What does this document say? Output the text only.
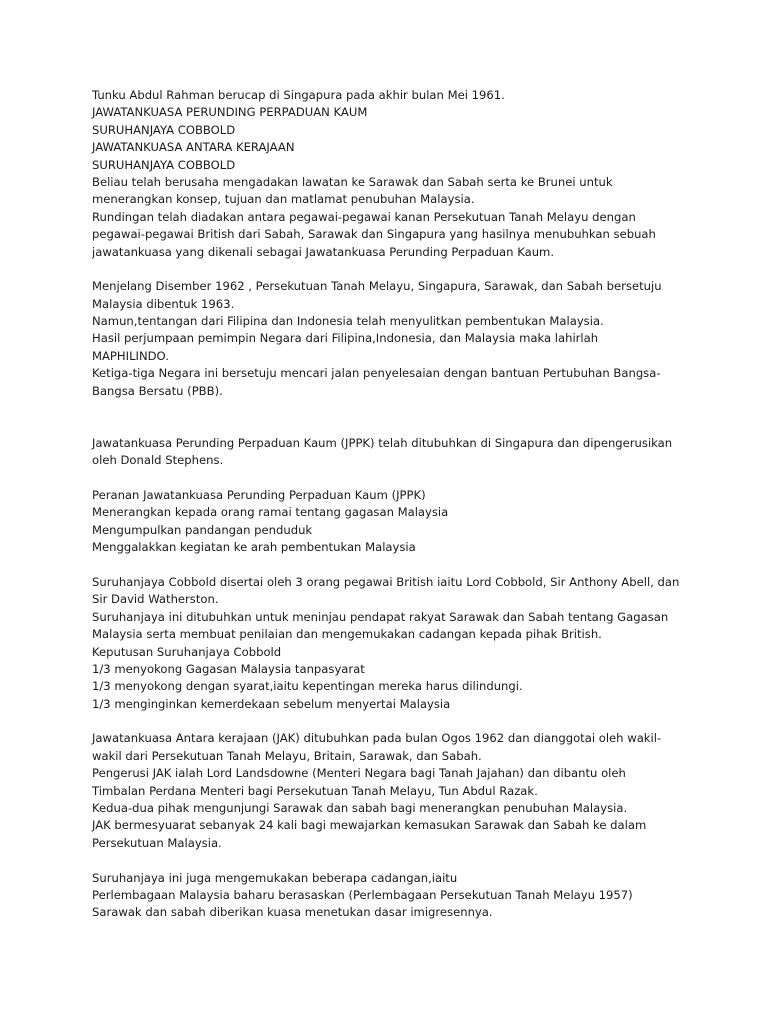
Tunku Abdul Rahman berucap di Singapura pada akhir bulan Mei 1961.
JAWATANKUASA PERUNDING PERPADUAN KAUM
SURUHANJAYA COBBOLD
JAWATANKUASA ANTARA KERAJAAN
SURUHANJAYA COBBOLD
Beliau telah berusaha mengadakan lawatan ke Sarawak dan Sabah serta ke Brunei untuk
menerangkan konsep, tujuan dan matlamat penubuhan Malaysia.
Rundingan telah diadakan antara pegawai-pegawai kanan Persekutuan Tanah Melayu dengan
pegawai-pegawai British dari Sabah, Sarawak dan Singapura yang hasilnya menubuhkan sebuah
jawatankuasa yang dikenali sebagai Jawatankuasa Perunding Perpaduan Kaum.
Menjelang Disember 1962 , Persekutuan Tanah Melayu, Singapura, Sarawak, dan Sabah bersetuju
Malaysia dibentuk 1963.
Namun,tentangan dari Filipina dan Indonesia telah menyulitkan pembentukan Malaysia.
Hasil perjumpaan pemimpin Negara dari Filipina,Indonesia, dan Malaysia maka lahirlah
MAPHILINDO.
Ketiga-tiga Negara ini bersetuju mencari jalan penyelesaian dengan bantuan Pertubuhan Bangsa-
Bangsa Bersatu (PBB).
Jawatankuasa Perunding Perpaduan Kaum (JPPK) telah ditubuhkan di Singapura dan dipengerusikan
oleh Donald Stephens.
Peranan Jawatankuasa Perunding Perpaduan Kaum (JPPK)
Menerangkan kepada orang ramai tentang gagasan Malaysia
Mengumpulkan pandangan penduduk
Menggalakkan kegiatan ke arah pembentukan Malaysia
Suruhanjaya Cobbold disertai oleh 3 orang pegawai British iaitu Lord Cobbold, Sir Anthony Abell, dan
Sir David Watherston.
Suruhanjaya ini ditubuhkan untuk meninjau pendapat rakyat Sarawak dan Sabah tentang Gagasan
Malaysia serta membuat penilaian dan mengemukakan cadangan kepada pihak British.
Keputusan Suruhanjaya Cobbold
1/3 menyokong Gagasan Malaysia tanpasyarat
1/3 menyokong dengan syarat,iaitu kepentingan mereka harus dilindungi.
1/3 menginginkan kemerdekaan sebelum menyertai Malaysia
Jawatankuasa Antara kerajaan (JAK) ditubuhkan pada bulan Ogos 1962 dan dianggotai oleh wakil-
wakil dari Persekutuan Tanah Melayu, Britain, Sarawak, dan Sabah.
Pengerusi JAK ialah Lord Landsdowne (Menteri Negara bagi Tanah Jajahan) dan dibantu oleh
Timbalan Perdana Menteri bagi Persekutuan Tanah Melayu, Tun Abdul Razak.
Kedua-dua pihak mengunjungi Sarawak dan sabah bagi menerangkan penubuhan Malaysia.
JAK bermesyuarat sebanyak 24 kali bagi mewajarkan kemasukan Sarawak dan Sabah ke dalam
Persekutuan Malaysia.
Suruhanjaya ini juga mengemukakan beberapa cadangan,iaitu
Perlembagaan Malaysia baharu berasaskan (Perlembagaan Persekutuan Tanah Melayu 1957)
Sarawak dan sabah diberikan kuasa menetukan dasar imigresennya.
